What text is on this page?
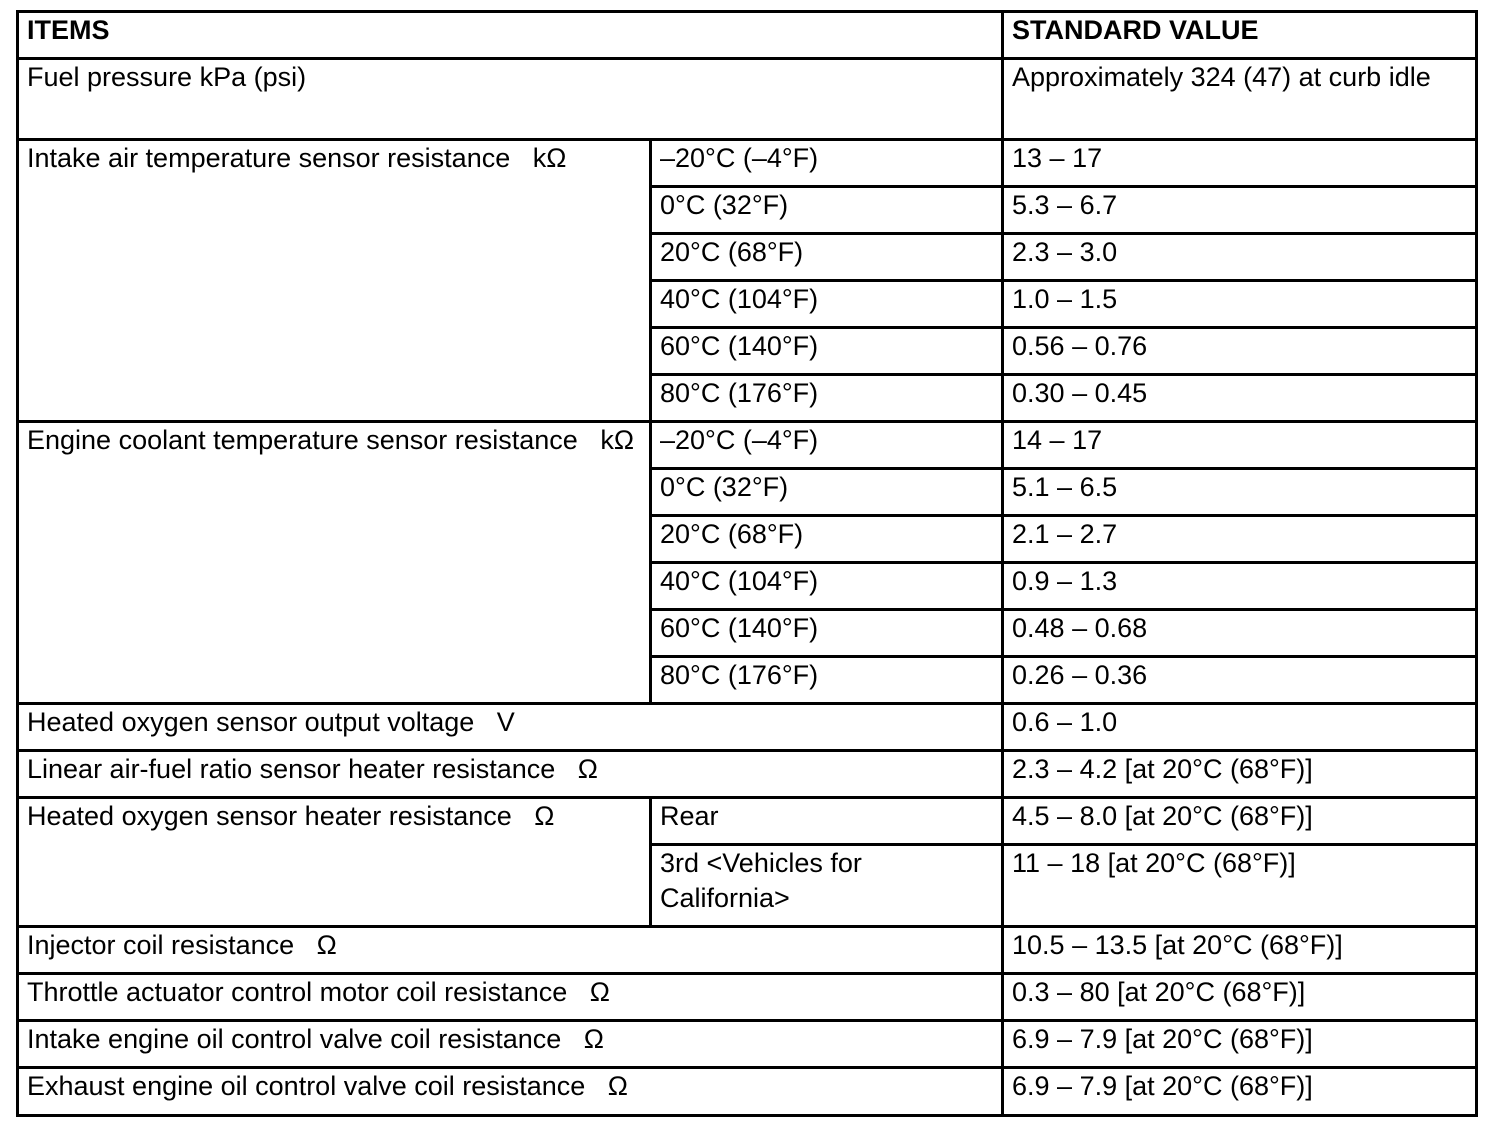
ITEMS		STANDARD VALUE
Fuel pressure kPa (psi)		Approximately 324 (47) at curb idle
Intake air temperature sensor resistance   kΩ	–20°C (–4°F)	13 – 17
	0°C (32°F)	5.3 – 6.7
	20°C (68°F)	2.3 – 3.0
	40°C (104°F)	1.0 – 1.5
	60°C (140°F)	0.56 – 0.76
	80°C (176°F)	0.30 – 0.45
Engine coolant temperature sensor resistance   kΩ	–20°C (–4°F)	14 – 17
	0°C (32°F)	5.1 – 6.5
	20°C (68°F)	2.1 – 2.7
	40°C (104°F)	0.9 – 1.3
	60°C (140°F)	0.48 – 0.68
	80°C (176°F)	0.26 – 0.36
Heated oxygen sensor output voltage   V		0.6 – 1.0
Linear air-fuel ratio sensor heater resistance   Ω		2.3 – 4.2 [at 20°C (68°F)]
Heated oxygen sensor heater resistance   Ω	Rear	4.5 – 8.0 [at 20°C (68°F)]
	3rd <Vehicles for California>	11 – 18 [at 20°C (68°F)]
Injector coil resistance   Ω		10.5 – 13.5 [at 20°C (68°F)]
Throttle actuator control motor coil resistance   Ω		0.3 – 80 [at 20°C (68°F)]
Intake engine oil control valve coil resistance   Ω		6.9 – 7.9 [at 20°C (68°F)]
Exhaust engine oil control valve coil resistance   Ω		6.9 – 7.9 [at 20°C (68°F)]
